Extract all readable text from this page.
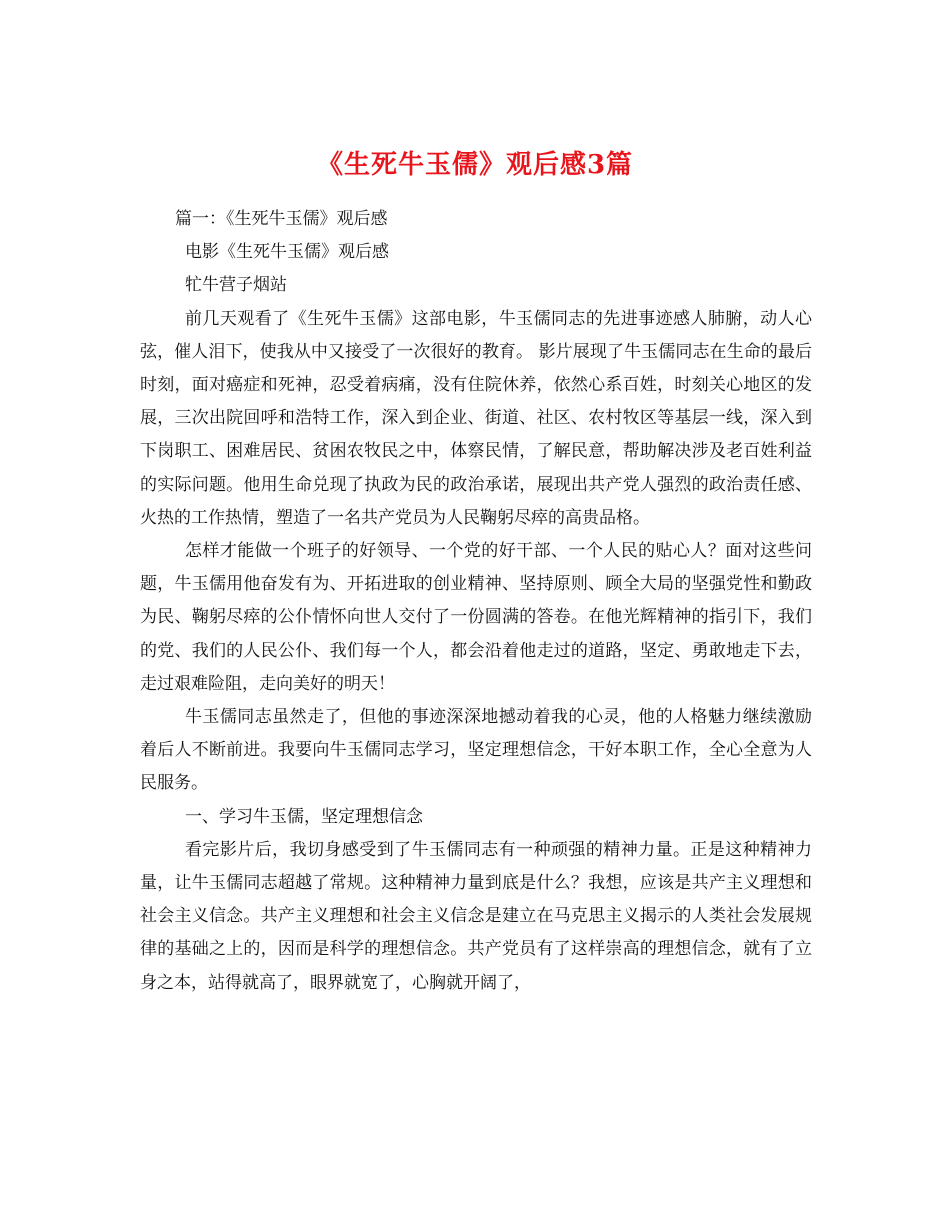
《生死牛玉儒》观后感3篇

篇一：《生死牛玉儒》观后感

电影《生死牛玉儒》观后感

牤牛营子烟站

前几天观看了《生死牛玉儒》这部电影，牛玉儒同志的先进事迹感人肺腑，动人心弦，催人泪下，使我从中又接受了一次很好的教育。 影片展现了牛玉儒同志在生命的最后时刻，面对癌症和死神，忍受着病痛，没有住院休养，依然心系百姓，时刻关心地区的发展，三次出院回呼和浩特工作，深入到企业、街道、社区、农村牧区等基层一线，深入到下岗职工、困难居民、贫困农牧民之中，体察民情，了解民意，帮助解决涉及老百姓利益的实际问题。他用生命兑现了执政为民的政治承诺，展现出共产党人强烈的政治责任感、火热的工作热情，塑造了一名共产党员为人民鞠躬尽瘁的高贵品格。

怎样才能做一个班子的好领导、一个党的好干部、一个人民的贴心人？面对这些问题，牛玉儒用他奋发有为、开拓进取的创业精神、坚持原则、顾全大局的坚强党性和勤政为民、鞠躬尽瘁的公仆情怀向世人交付了一份圆满的答卷。在他光辉精神的指引下，我们的党、我们的人民公仆、我们每一个人，都会沿着他走过的道路，坚定、勇敢地走下去，走过艰难险阻，走向美好的明天！

牛玉儒同志虽然走了，但他的事迹深深地撼动着我的心灵，他的人格魅力继续激励着后人不断前进。我要向牛玉儒同志学习，坚定理想信念，干好本职工作，全心全意为人民服务。

一、学习牛玉儒，坚定理想信念

看完影片后，我切身感受到了牛玉儒同志有一种顽强的精神力量。正是这种精神力量，让牛玉儒同志超越了常规。这种精神力量到底是什么？我想，应该是共产主义理想和社会主义信念。共产主义理想和社会主义信念是建立在马克思主义揭示的人类社会发展规律的基础之上的，因而是科学的理想信念。共产党员有了这样崇高的理想信念，就有了立身之本，站得就高了，眼界就宽了，心胸就开阔了，
